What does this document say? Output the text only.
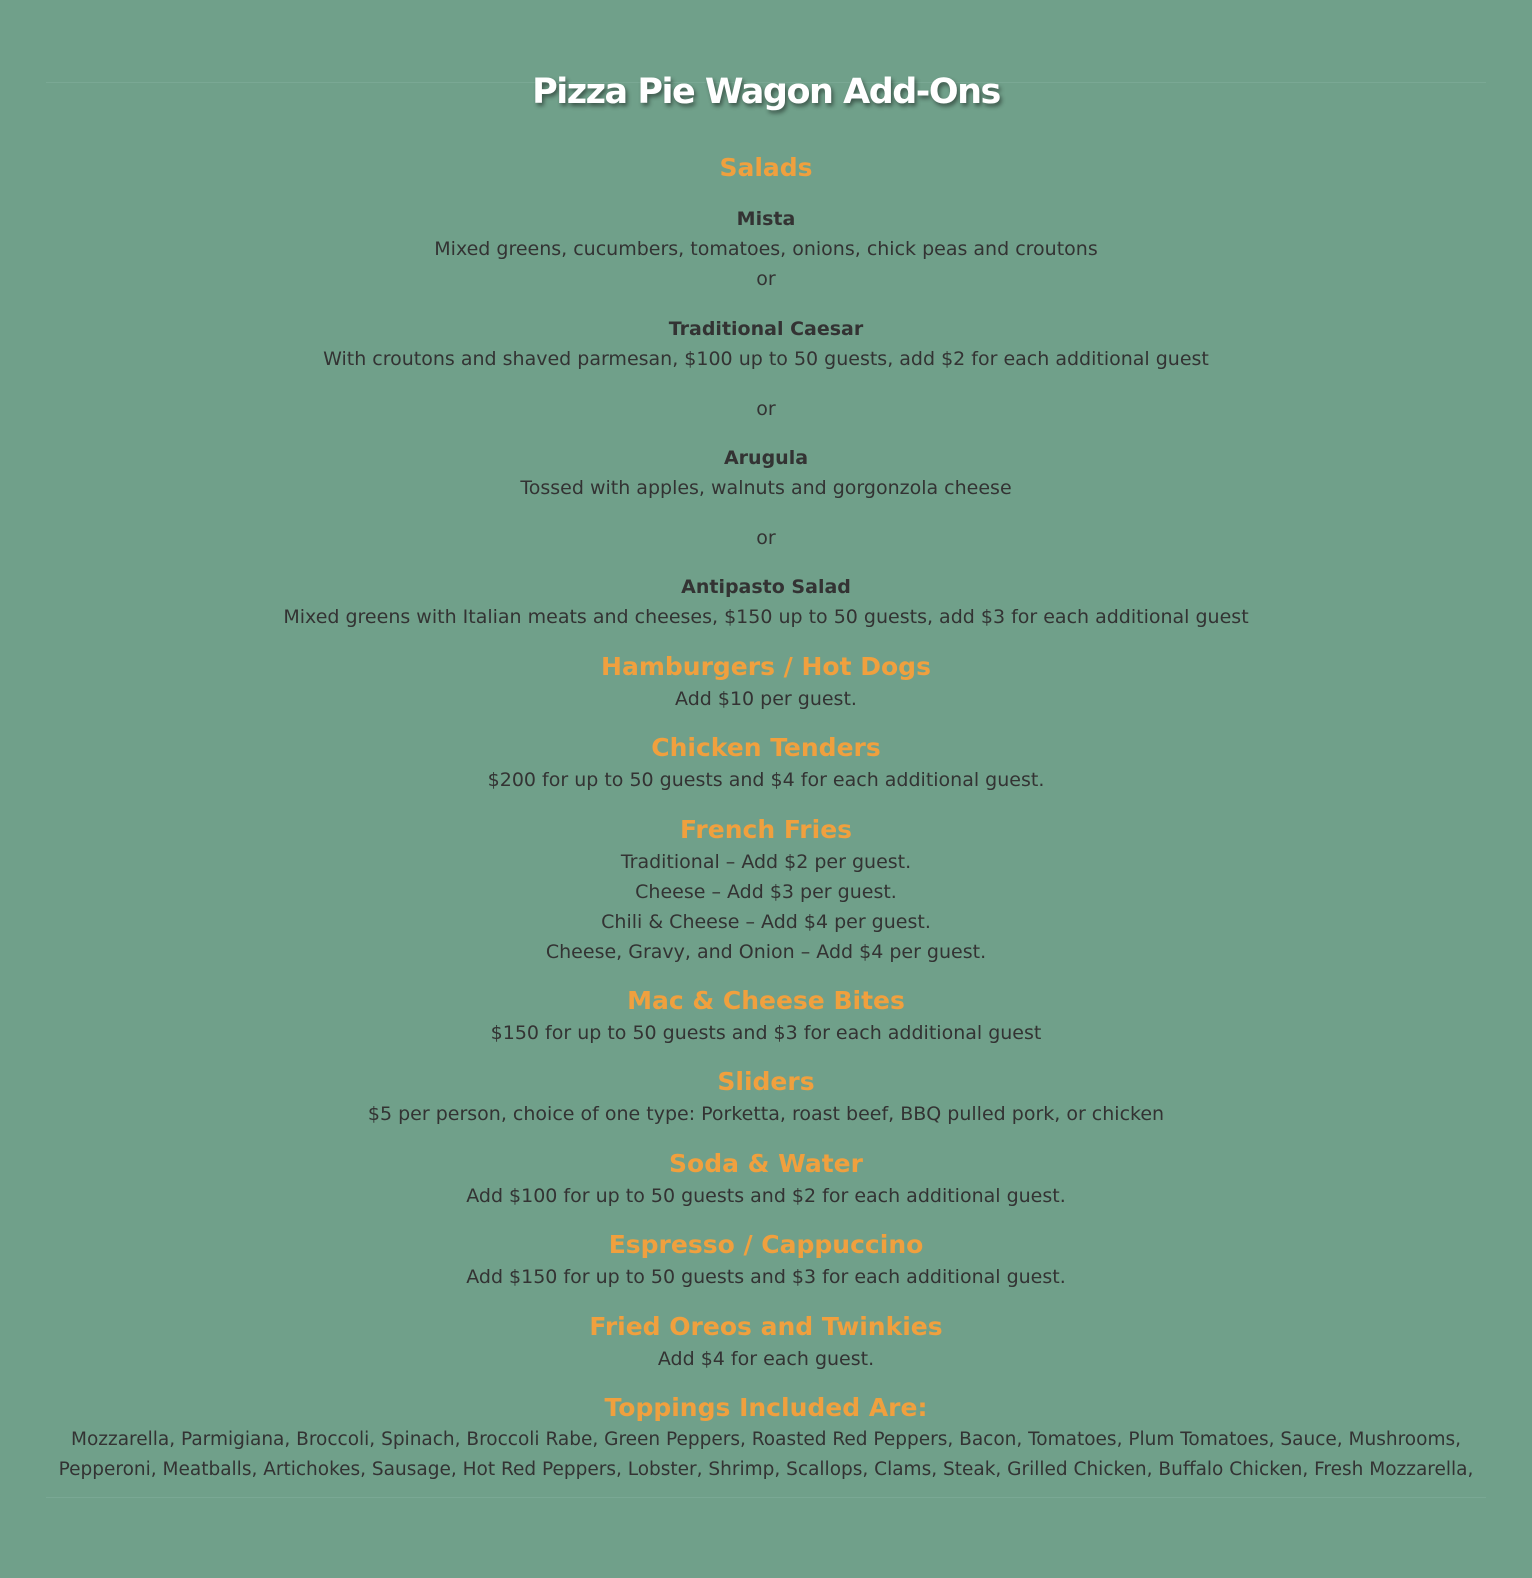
Pizza Pie Wagon Add-Ons
Salads

Mista

Mixed greens, cucumbers, tomatoes, onions, chick peas and croutons

or

Traditional Caesar

With croutons and shaved parmesan, $100 up to 50 guests, add $2 for each additional guest

or

Arugula

Tossed with apples, walnuts and gorgonzola cheese

or

Antipasto Salad

Mixed greens with Italian meats and cheeses, $150 up to 50 guests, add $3 for each additional guest

Hamburgers / Hot Dogs

Add $10 per guest.

Chicken Tenders

$200 for up to 50 guests and $4 for each additional guest.

French Fries

Traditional – Add $2 per guest.

Cheese – Add $3 per guest.

Chili & Cheese – Add $4 per guest.

Cheese, Gravy, and Onion – Add $4 per guest.

Mac & Cheese Bites

$150 for up to 50 guests and $3 for each additional guest

Sliders

$5 per person, choice of one type: Porketta, roast beef, BBQ pulled pork, or chicken

Soda & Water

Add $100 for up to 50 guests and $2 for each additional guest.

Espresso / Cappuccino

Add $150 for up to 50 guests and $3 for each additional guest.

Fried Oreos and Twinkies

Add $4 for each guest.

Toppings Included Are:

Mozzarella, Parmigiana, Broccoli, Spinach, Broccoli Rabe, Green Peppers, Roasted Red Peppers, Bacon, Tomatoes, Plum Tomatoes, Sauce, Mushrooms,

Pepperoni, Meatballs, Artichokes, Sausage, Hot Red Peppers, Lobster, Shrimp, Scallops, Clams, Steak, Grilled Chicken, Buffalo Chicken, Fresh Mozzarella,
